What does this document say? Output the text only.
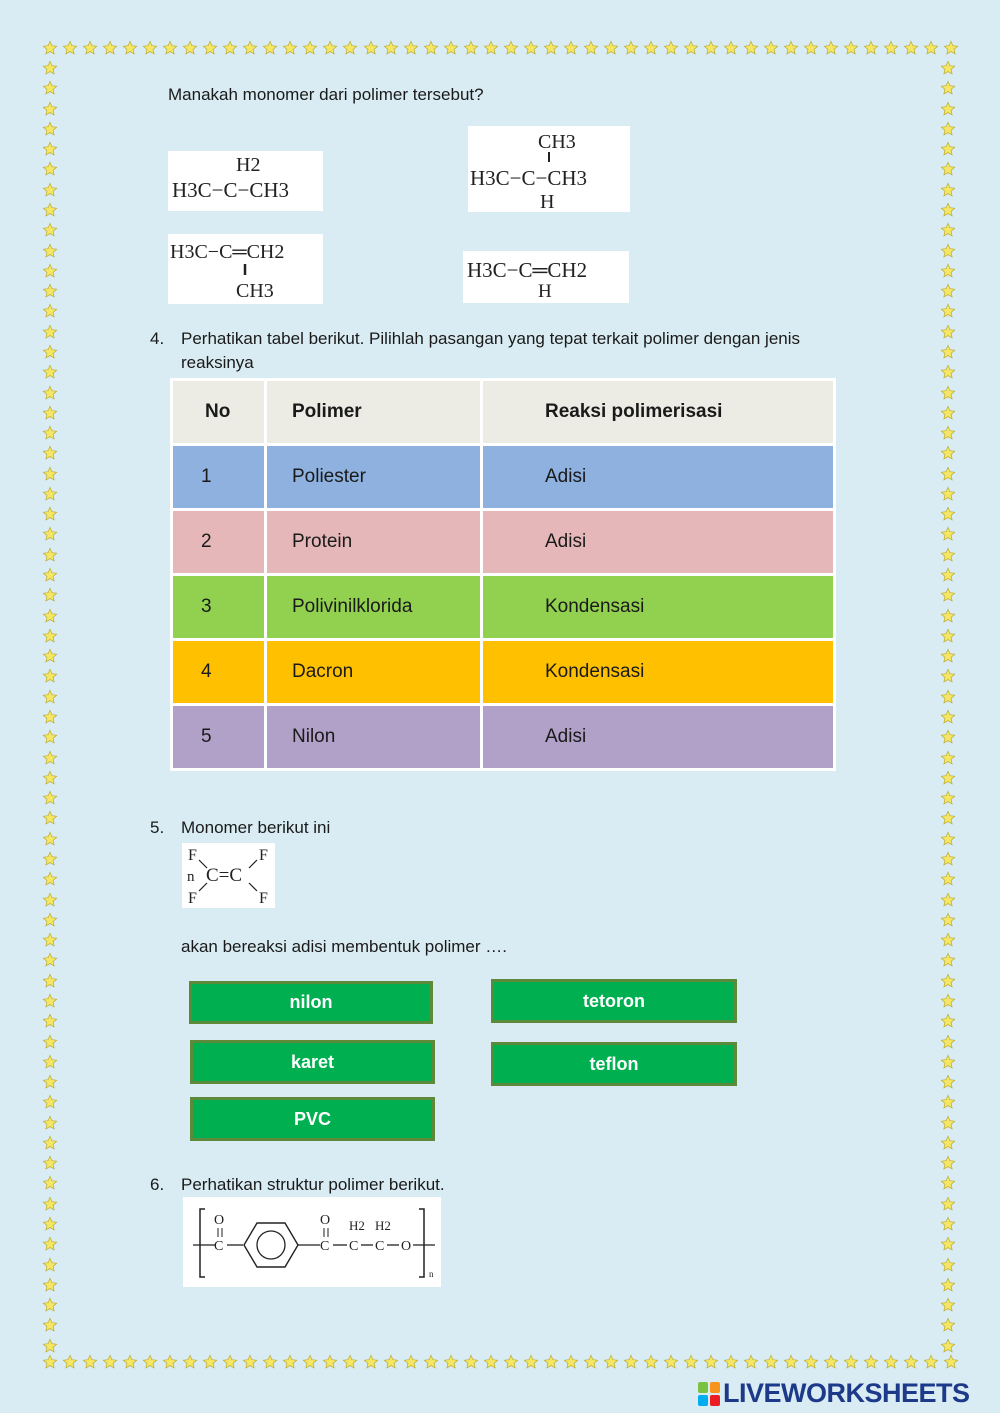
Manakah monomer dari polimer tersebut?
H2
H3C−C−CH3
CH3
H3C−C−CH3
H
H3C−C═CH2
CH3
H3C−C═CH2
H
4. Perhatikan tabel berikut. Pilihlah pasangan yang tepat terkait polimer dengan jenis reaksinya
No	Polimer	Reaksi polimerisasi
1	Poliester	Adisi
2	Protein	Adisi
3	Polivinilklorida	Kondensasi
4	Dacron	Kondensasi
5	Nilon	Adisi
5. Monomer berikut ini
F	F
n C=C
F	F
akan bereaksi adisi membentuk polimer ….
nilon	tetoron
karet	teflon
PVC
6. Perhatikan struktur polimer berikut.
O
C
O
C
H2
C
H2
C O
n
LIVEWORKSHEETS
